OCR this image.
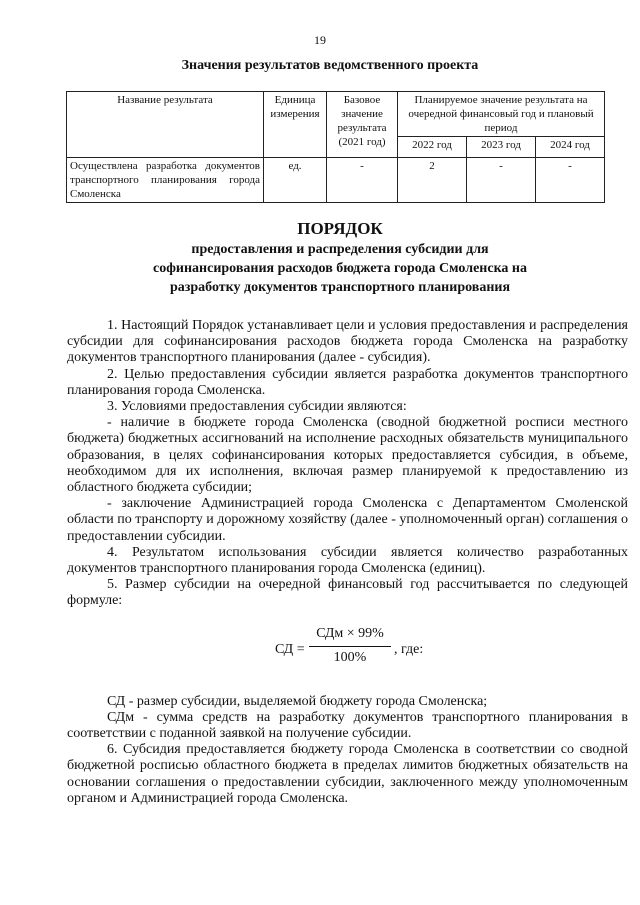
19
Значения результатов ведомственного проекта
Название результата	Единица измерения	Базовое значение результата (2021 год)	Планируемое значение результата на очередной финансовый год и плановый период		
			2022 год	2023 год	2024 год
Осуществлена разработка документов транспортного планирования города Смоленска	ед.	-	2	-	-
ПОРЯДОК
предоставления и распределения субсидии для софинансирования расходов бюджета города Смоленска на разработку документов транспортного планирования

1. Настоящий Порядок устанавливает цели и условия предоставления и распределения субсидии для софинансирования расходов бюджета города Смоленска на разработку документов транспортного планирования (далее - субсидия).

2. Целью предоставления субсидии является разработка документов транспортного планирования города Смоленска.

3. Условиями предоставления субсидии являются:

- наличие в бюджете города Смоленска (сводной бюджетной росписи местного бюджета) бюджетных ассигнований на исполнение расходных обязательств муниципального образования, в целях софинансирования которых предоставляется субсидия, в объеме, необходимом для их исполнения, включая размер планируемой к предоставлению из областного бюджета субсидии;

- заключение Администрацией города Смоленска с Департаментом Смоленской области по транспорту и дорожному хозяйству (далее - уполномоченный орган) соглашения о предоставлении субсидии.

4. Результатом использования субсидии является количество разработанных документов транспортного планирования города Смоленска (единиц).

5. Размер субсидии на очередной финансовый год рассчитывается по следующей формуле:

СД =
СДм × 99%
100%
, где:

СД - размер субсидии, выделяемой бюджету города Смоленска;

СДм - сумма средств на разработку документов транспортного планирования в соответствии с поданной заявкой на получение субсидии.

6. Субсидия предоставляется бюджету города Смоленска в соответствии со сводной бюджетной росписью областного бюджета в пределах лимитов бюджетных обязательств на основании соглашения о предоставлении субсидии, заключенного между уполномоченным органом и Администрацией города Смоленска.
